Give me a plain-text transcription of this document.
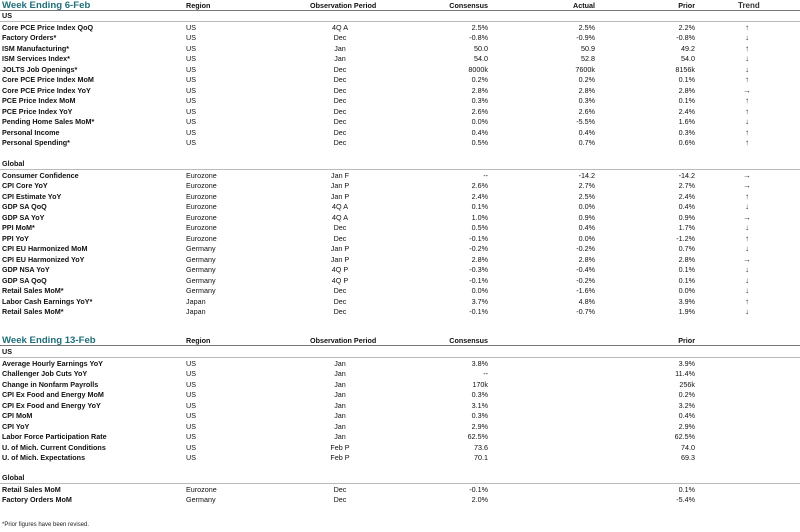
Week Ending 6-Feb	Region	Observation Period	Consensus	Actual	Prior	Trend
US
Core PCE Price Index QoQ	US	4Q A	2.5%	2.5%	2.2%	↑
Factory Orders*	US	Dec	-0.8%	-0.9%	-0.8%	↓
ISM Manufacturing*	US	Jan	50.0	50.9	49.2	↑
ISM Services Index*	US	Jan	54.0	52.8	54.0	↓
JOLTS Job Openings*	US	Dec	8000k	7600k	8156k	↓
Core PCE Price Index MoM	US	Dec	0.2%	0.2%	0.1%	↑
Core PCE Price Index YoY	US	Dec	2.8%	2.8%	2.8%	→
PCE Price Index MoM	US	Dec	0.3%	0.3%	0.1%	↑
PCE Price Index YoY	US	Dec	2.6%	2.6%	2.4%	↑
Pending Home Sales MoM*	US	Dec	0.0%	-5.5%	1.6%	↓
Personal Income	US	Dec	0.4%	0.4%	0.3%	↑
Personal Spending*	US	Dec	0.5%	0.7%	0.6%	↑
Global
Consumer Confidence	Eurozone	Jan F	--	-14.2	-14.2	→
CPI Core YoY	Eurozone	Jan P	2.6%	2.7%	2.7%	→
CPI Estimate YoY	Eurozone	Jan P	2.4%	2.5%	2.4%	↑
GDP SA QoQ	Eurozone	4Q A	0.1%	0.0%	0.4%	↓
GDP SA YoY	Eurozone	4Q A	1.0%	0.9%	0.9%	→
PPI MoM*	Eurozone	Dec	0.5%	0.4%	1.7%	↓
PPI YoY	Eurozone	Dec	-0.1%	0.0%	-1.2%	↑
CPI EU Harmonized MoM	Germany	Jan P	-0.2%	-0.2%	0.7%	↓
CPI EU Harmonized YoY	Germany	Jan P	2.8%	2.8%	2.8%	→
GDP NSA YoY	Germany	4Q P	-0.3%	-0.4%	0.1%	↓
GDP SA QoQ	Germany	4Q P	-0.1%	-0.2%	0.1%	↓
Retail Sales MoM*	Germany	Dec	0.0%	-1.6%	0.0%	↓
Labor Cash Earnings YoY*	Japan	Dec	3.7%	4.8%	3.9%	↑
Retail Sales MoM*	Japan	Dec	-0.1%	-0.7%	1.9%	↓
Week Ending 13-Feb	Region	Observation Period	Consensus	Prior
US
Average Hourly Earnings YoY	US	Jan	3.8%	3.9%
Challenger Job Cuts YoY	US	Jan	--	11.4%
Change in Nonfarm Payrolls	US	Jan	170k	256k
CPI Ex Food and Energy MoM	US	Jan	0.3%	0.2%
CPI Ex Food and Energy YoY	US	Jan	3.1%	3.2%
CPI MoM	US	Jan	0.3%	0.4%
CPI YoY	US	Jan	2.9%	2.9%
Labor Force Participation Rate	US	Jan	62.5%	62.5%
U. of Mich. Current Conditions	US	Feb P	73.6	74.0
U. of Mich. Expectations	US	Feb P	70.1	69.3
Global
Retail Sales MoM	Eurozone	Dec	-0.1%	0.1%
Factory Orders MoM	Germany	Dec	2.0%	-5.4%
*Prior figures have been revised.
